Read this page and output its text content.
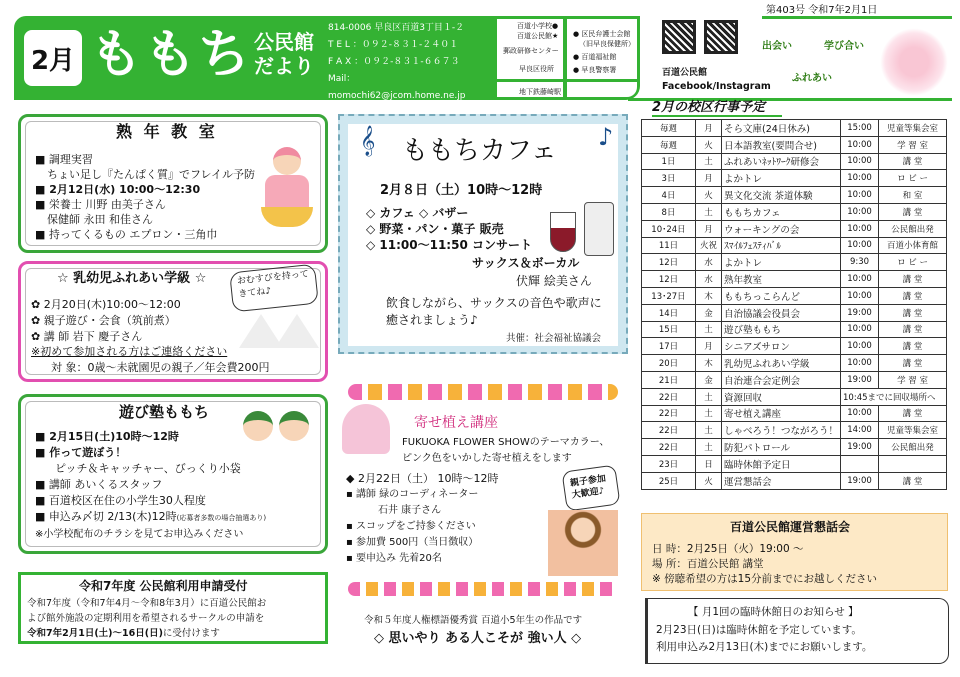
2月 ももち 公民館
だより
814-0006 早良区百道3丁目１-２
T E L ：０９２-８３１-２４０１
F A X ：０９２-８３１-６６７３
Mail：momochi62@jcom.home.ne.jp
百道小学校●
百道公民館★
郵政研修センター
早良区役所
地下鉄藤崎駅
● 区民弁護士会館
（旧早良保健所）
● 百道福祉館
● 早良警察署	百道公民館
Facebook/Instagram
第403号 令和7年2月1日
出会い	学び合い
ふれあい
熟 年 教 室
■ 調理実習
ちょい足し『たんぱく質』でフレイル予防
■ 2月12日(水) 10:00～12:30
■ 栄養士 川野 由美子さん
保健師 永田 和佳さん
■ 持ってくるもの エプロン・三角巾
☆ 乳幼児ふれあい学級 ☆	おむすびを持ってきてね♪
✿ 2月20日(木)10:00～12:00
✿ 親子遊び・会食（筑前煮）
✿ 講 師 岩下 慶子さん
※初めて参加される方はご連絡ください
対 象：0歳～未就園児の親子／年会費200円
遊び塾ももち
■ 2月15日(土)10時～12時
■ 作って遊ぼう！
ピッチ＆キャッチャー、びっくり小袋
■ 講師 あいくるスタッフ
■ 百道校区在住の小学生30人程度
■ 申込み〆切 2/13(木)12時(応募者多数の場合抽選あり)
※小学校配布のチラシを見てお申込みください
令和7年度 公民館利用申請受付
令和7年度（令和7年4月～令和8年3月）に百道公民館お
よび館外施設の定期利用を希望されるサークルの申請を
令和7年2月1日(土)～16日(日)に受付けます
𝄞 ももちカフェ ♪
2月８日（土）10時～12時
◇ カフェ ◇ バザー
◇ 野菜・パン・菓子 販売
◇ 11:00～11:50 コンサート
サックス＆ボーカル
伏輝 絵美さん
飲食しながら、サックスの音色や歌声に
癒されましょう♪
共催：社会福祉協議会
寄せ植え講座
FUKUOKA FLOWER SHOWのテーマカラー、
ピンク色をいかした寄せ植えをします
親子参加大歓迎♪
◆ 2月22日（土） 10時～12時
▪ 講師 緑のコーディネーター
石井 康子さん
▪ スコップをご持参ください
▪ 参加費 500円（当日徴収）
▪ 要申込み 先着20名
令和５年度人権標語優秀賞 百道小5年生の作品です
◇ 思いやり ある人こそが 強い人 ◇
2月の校区行事予定
毎週	月	そら文庫(24日休み)	15:00	児童等集会室
毎週	火	日本語教室(要問合せ)	10:00	学 習 室
1日	土	ふれあいﾈｯﾄﾜｰｸ研修会	10:00	講 堂
3日	月	よかトレ	10:00	ロ ビ ー
4日	火	異文化交流 茶道体験	10:00	和 室
8日	土	ももちカフェ	10:00	講 堂
10･24日	月	ウォーキングの会	10:00	公民館出発
11日	火祝	ｽﾏｲﾙﾌｪｽﾃｨﾊﾞﾙ	10:00	百道小体育館
12日	水	よかトレ	9:30	ロ ビ ー
12日	水	熟年教室	10:00	講 堂
13･27日	木	ももちっこらんど	10:00	講 堂
14日	金	自治協議会役員会	19:00	講 堂
15日	土	遊び塾ももち	10:00	講 堂
17日	月	シニアズサロン	10:00	講 堂
20日	木	乳幼児ふれあい学級	10:00	講 堂
21日	金	自治連合会定例会	19:00	学 習 室
22日	土	資源回収	10:45までに回収場所へ	
22日	土	寄せ植え講座	10:00	講 堂
22日	土	しゃべろう！つながろう！	14:00	児童等集会室
22日	土	防犯パトロール	19:00	公民館出発
23日	日	臨時休館予定日		
25日	火	運営懇話会	19:00	講 堂
百道公民館運営懇話会
日 時：2月25日（火）19:00 ～
場 所：百道公民館 講堂
※ 傍聴希望の方は15分前までにお越しください
【 月1回の臨時休館日のお知らせ 】
2月23日(日)は臨時休館を予定しています。
利用申込み2月13日(木)までにお願いします。
